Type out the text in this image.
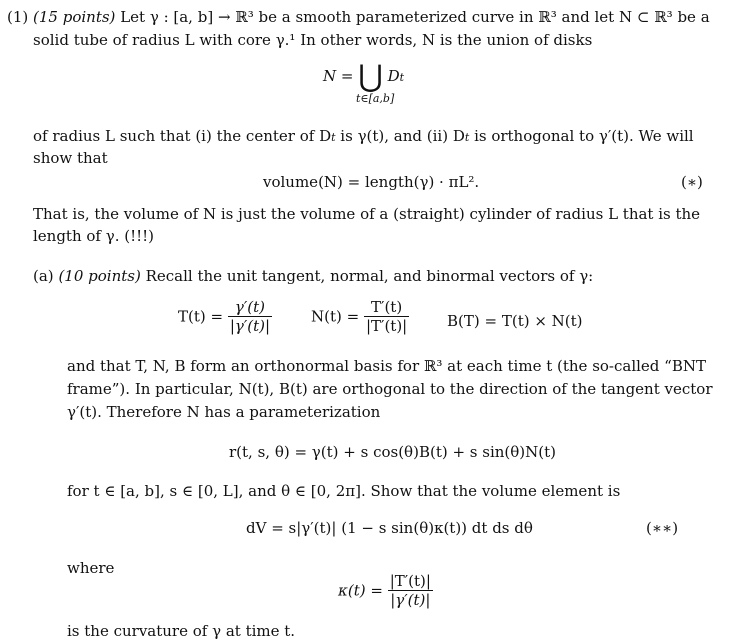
(1) (15 points) Let γ : [a, b] → ℝ³ be a smooth parameterized curve in ℝ³ and let N ⊂ ℝ³ be a
solid tube of radius L with core γ.¹ In other words, N is the union of disks
N = ⋃ Dt
t∈[a,b]
of radius L such that (i) the center of Dt is γ(t), and (ii) Dt is orthogonal to γ′(t). We will
show that
volume(N) = length(γ) · πL².	(∗)
That is, the volume of N is just the volume of a (straight) cylinder of radius L that is the
length of γ. (!!!)
(a) (10 points) Recall the unit tangent, normal, and binormal vectors of γ:
$T(t) = \frac{\gamma'(t)}{|\gamma'(t)|}$	$N(t) = \frac{T'(t)}{|T'(t)|}$	B(T) = T(t) × N(t)
and that T, N, B form an orthonormal basis for ℝ³ at each time t (the so-called “BNT
frame”). In particular, N(t), B(t) are orthogonal to the direction of the tangent vector
γ′(t). Therefore N has a parameterization
r(t, s, θ) = γ(t) + s cos(θ)B(t) + s sin(θ)N(t)
for t ∈ [a, b], s ∈ [0, L], and θ ∈ [0, 2π]. Show that the volume element is
dV = s|γ′(t)| (1 − s sin(θ)κ(t)) dt ds dθ	(∗∗)
where
$\kappa(t) = \frac{|T'(t)|}{|\gamma'(t)|}$
is the curvature of γ at time t.
